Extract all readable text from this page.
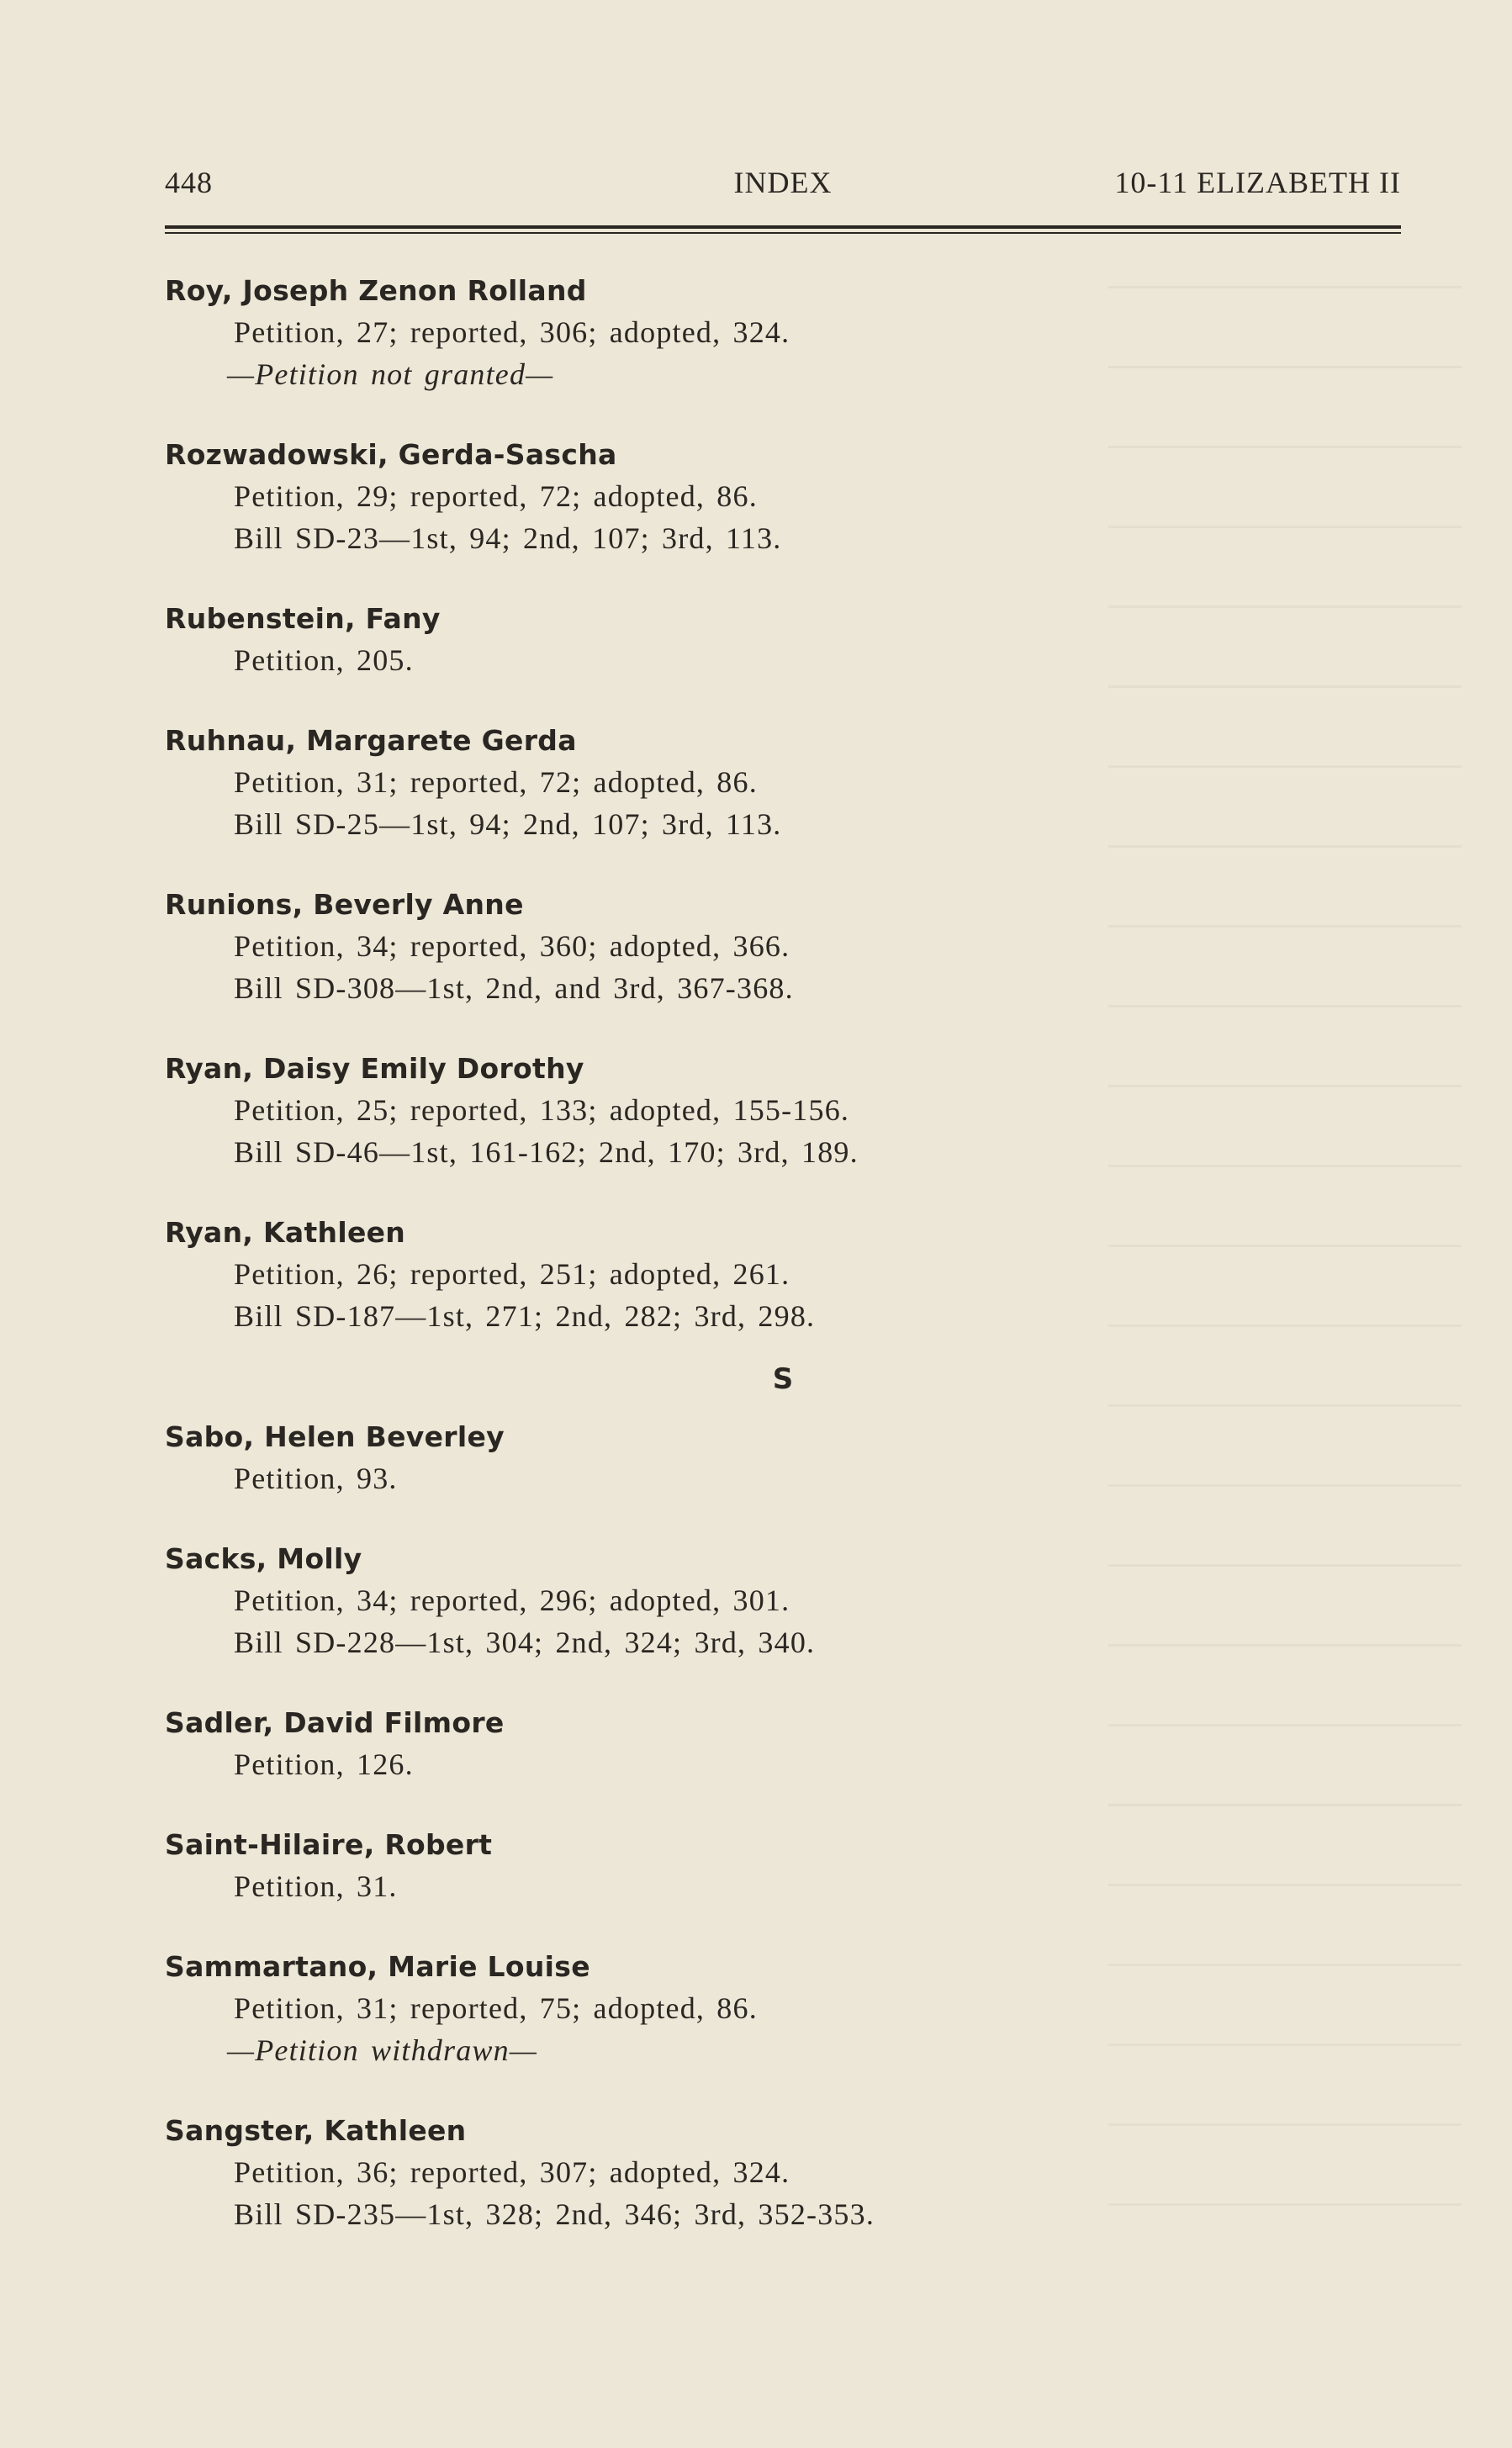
448	INDEX	10-11 ELIZABETH II
Roy, Joseph Zenon Rolland
Petition, 27; reported, 306; adopted, 324.
—Petition not granted—
Rozwadowski, Gerda-Sascha
Petition, 29; reported, 72; adopted, 86.
Bill SD-23—1st, 94; 2nd, 107; 3rd, 113.
Rubenstein, Fany
Petition, 205.
Ruhnau, Margarete Gerda
Petition, 31; reported, 72; adopted, 86.
Bill SD-25—1st, 94; 2nd, 107; 3rd, 113.
Runions, Beverly Anne
Petition, 34; reported, 360; adopted, 366.
Bill SD-308—1st, 2nd, and 3rd, 367-368.
Ryan, Daisy Emily Dorothy
Petition, 25; reported, 133; adopted, 155-156.
Bill SD-46—1st, 161-162; 2nd, 170; 3rd, 189.
Ryan, Kathleen
Petition, 26; reported, 251; adopted, 261.
Bill SD-187—1st, 271; 2nd, 282; 3rd, 298.
S
Sabo, Helen Beverley
Petition, 93.
Sacks, Molly
Petition, 34; reported, 296; adopted, 301.
Bill SD-228—1st, 304; 2nd, 324; 3rd, 340.
Sadler, David Filmore
Petition, 126.
Saint-Hilaire, Robert
Petition, 31.
Sammartano, Marie Louise
Petition, 31; reported, 75; adopted, 86.
—Petition withdrawn—
Sangster, Kathleen
Petition, 36; reported, 307; adopted, 324.
Bill SD-235—1st, 328; 2nd, 346; 3rd, 352-353.
